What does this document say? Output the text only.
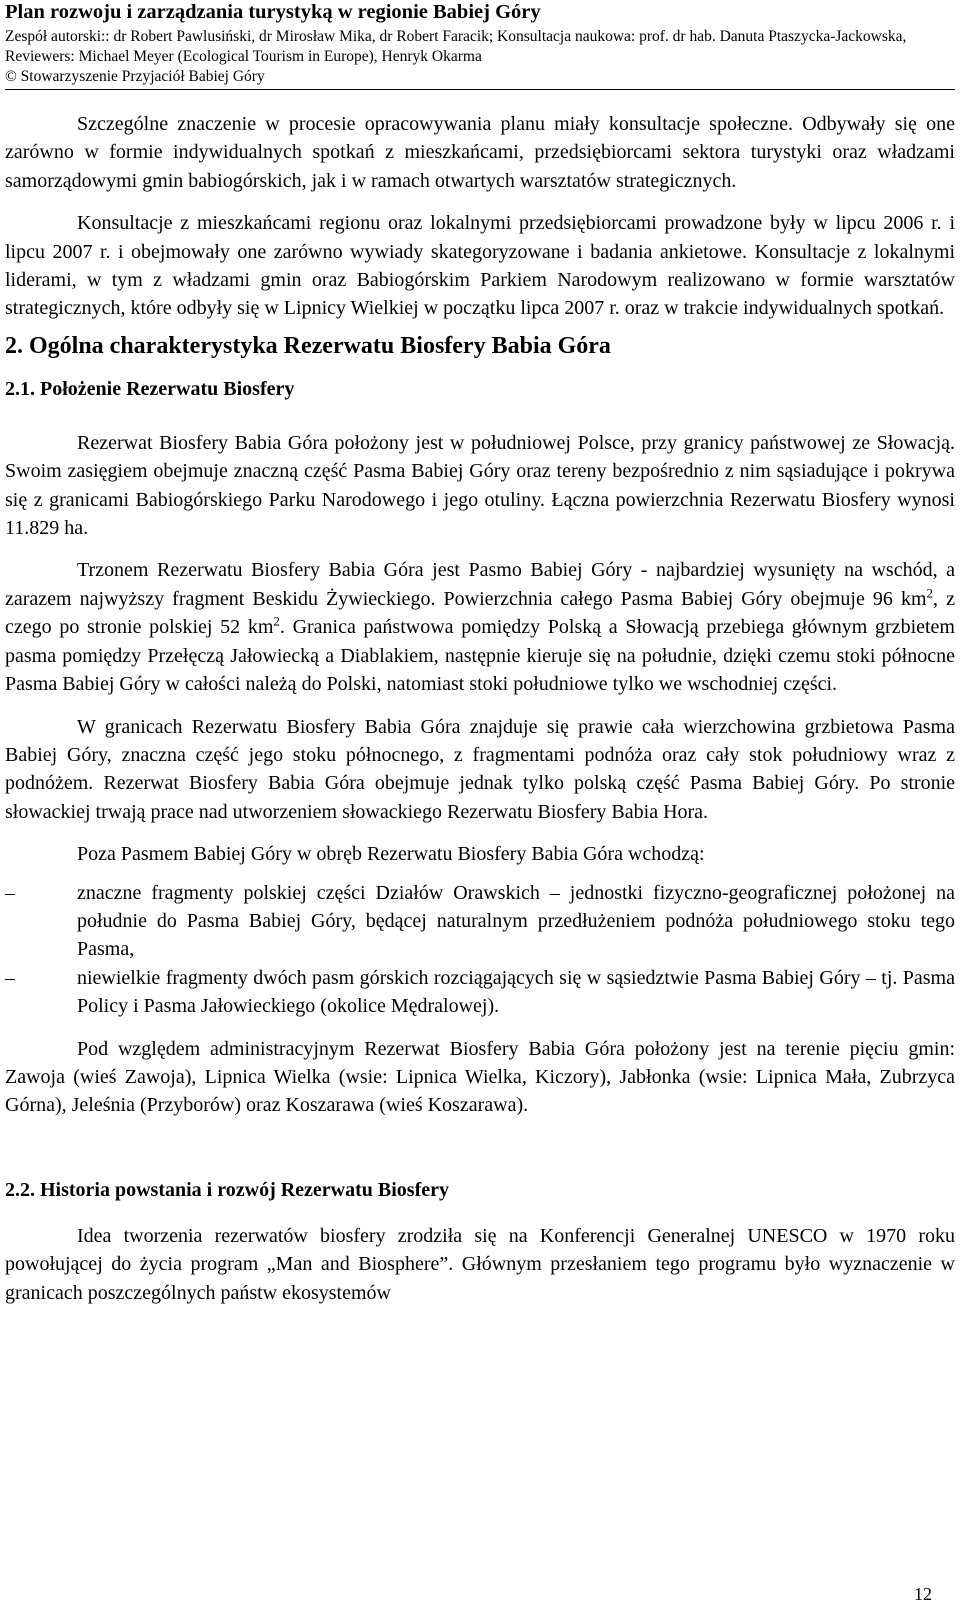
Plan rozwoju i zarządzania turystyką w regionie Babiej Góry
Zespół autorski:: dr Robert Pawlusiński, dr Mirosław Mika, dr Robert Faracik; Konsultacja naukowa: prof. dr hab. Danuta Ptaszycka-Jackowska, Reviewers: Michael Meyer (Ecological Tourism in Europe), Henryk Okarma
© Stowarzyszenie Przyjaciół Babiej Góry

Szczególne znaczenie w procesie opracowywania planu miały konsultacje społeczne. Odbywały się one zarówno w formie indywidualnych spotkań z mieszkańcami, przedsiębiorcami sektora turystyki oraz władzami samorządowymi gmin babiogórskich, jak i w ramach otwartych warsztatów strategicznych.

Konsultacje z mieszkańcami regionu oraz lokalnymi przedsiębiorcami prowadzone były w lipcu 2006 r. i lipcu 2007 r. i obejmowały one zarówno wywiady skategoryzowane i badania ankietowe. Konsultacje z lokalnymi liderami, w tym z władzami gmin oraz Babiogórskim Parkiem Narodowym realizowano w formie warsztatów strategicznych, które odbyły się w Lipnicy Wielkiej w początku lipca 2007 r. oraz w trakcie indywidualnych spotkań.

2. Ogólna charakterystyka Rezerwatu Biosfery Babia Góra
2.1. Położenie Rezerwatu Biosfery

Rezerwat Biosfery Babia Góra położony jest w południowej Polsce, przy granicy państwowej ze Słowacją. Swoim zasięgiem obejmuje znaczną część Pasma Babiej Góry oraz tereny bezpośrednio z nim sąsiadujące i pokrywa się z granicami Babiogórskiego Parku Narodowego i jego otuliny. Łączna powierzchnia Rezerwatu Biosfery wynosi 11.829 ha.

Trzonem Rezerwatu Biosfery Babia Góra jest Pasmo Babiej Góry - najbardziej wysunięty na wschód, a zarazem najwyższy fragment Beskidu Żywieckiego. Powierzchnia całego Pasma Babiej Góry obejmuje 96 $km^2$, z czego po stronie polskiej 52 $km^2$. Granica państwowa pomiędzy Polską a Słowacją przebiega głównym grzbietem pasma pomiędzy Przełęczą Jałowiecką a Diablakiem, następnie kieruje się na południe, dzięki czemu stoki północne Pasma Babiej Góry w całości należą do Polski, natomiast stoki południowe tylko we wschodniej części.

W granicach Rezerwatu Biosfery Babia Góra znajduje się prawie cała wierzchowina grzbietowa Pasma Babiej Góry, znaczna część jego stoku północnego, z fragmentami podnóża oraz cały stok południowy wraz z podnóżem. Rezerwat Biosfery Babia Góra obejmuje jednak tylko polską część Pasma Babiej Góry. Po stronie słowackiej trwają prace nad utworzeniem słowackiego Rezerwatu Biosfery Babia Hora.

Poza Pasmem Babiej Góry w obręb Rezerwatu Biosfery Babia Góra wchodzą:

–	znaczne fragmenty polskiej części Działów Orawskich – jednostki fizyczno-geograficznej położonej na południe do Pasma Babiej Góry, będącej naturalnym przedłużeniem podnóża południowego stoku tego Pasma,
–	niewielkie fragmenty dwóch pasm górskich rozciągających się w sąsiedztwie Pasma Babiej Góry – tj. Pasma Policy i Pasma Jałowieckiego (okolice Mędralowej).

Pod względem administracyjnym Rezerwat Biosfery Babia Góra położony jest na terenie pięciu gmin: Zawoja (wieś Zawoja), Lipnica Wielka (wsie: Lipnica Wielka, Kiczory), Jabłonka (wsie: Lipnica Mała, Zubrzyca Górna), Jeleśnia (Przyborów) oraz Koszarawa (wieś Koszarawa).

2.2. Historia powstania i rozwój Rezerwatu Biosfery

Idea tworzenia rezerwatów biosfery zrodziła się na Konferencji Generalnej UNESCO w 1970 roku powołującej do życia program „Man and Biosphere”. Głównym przesłaniem tego programu było wyznaczenie w granicach poszczególnych państw ekosystemów

12
